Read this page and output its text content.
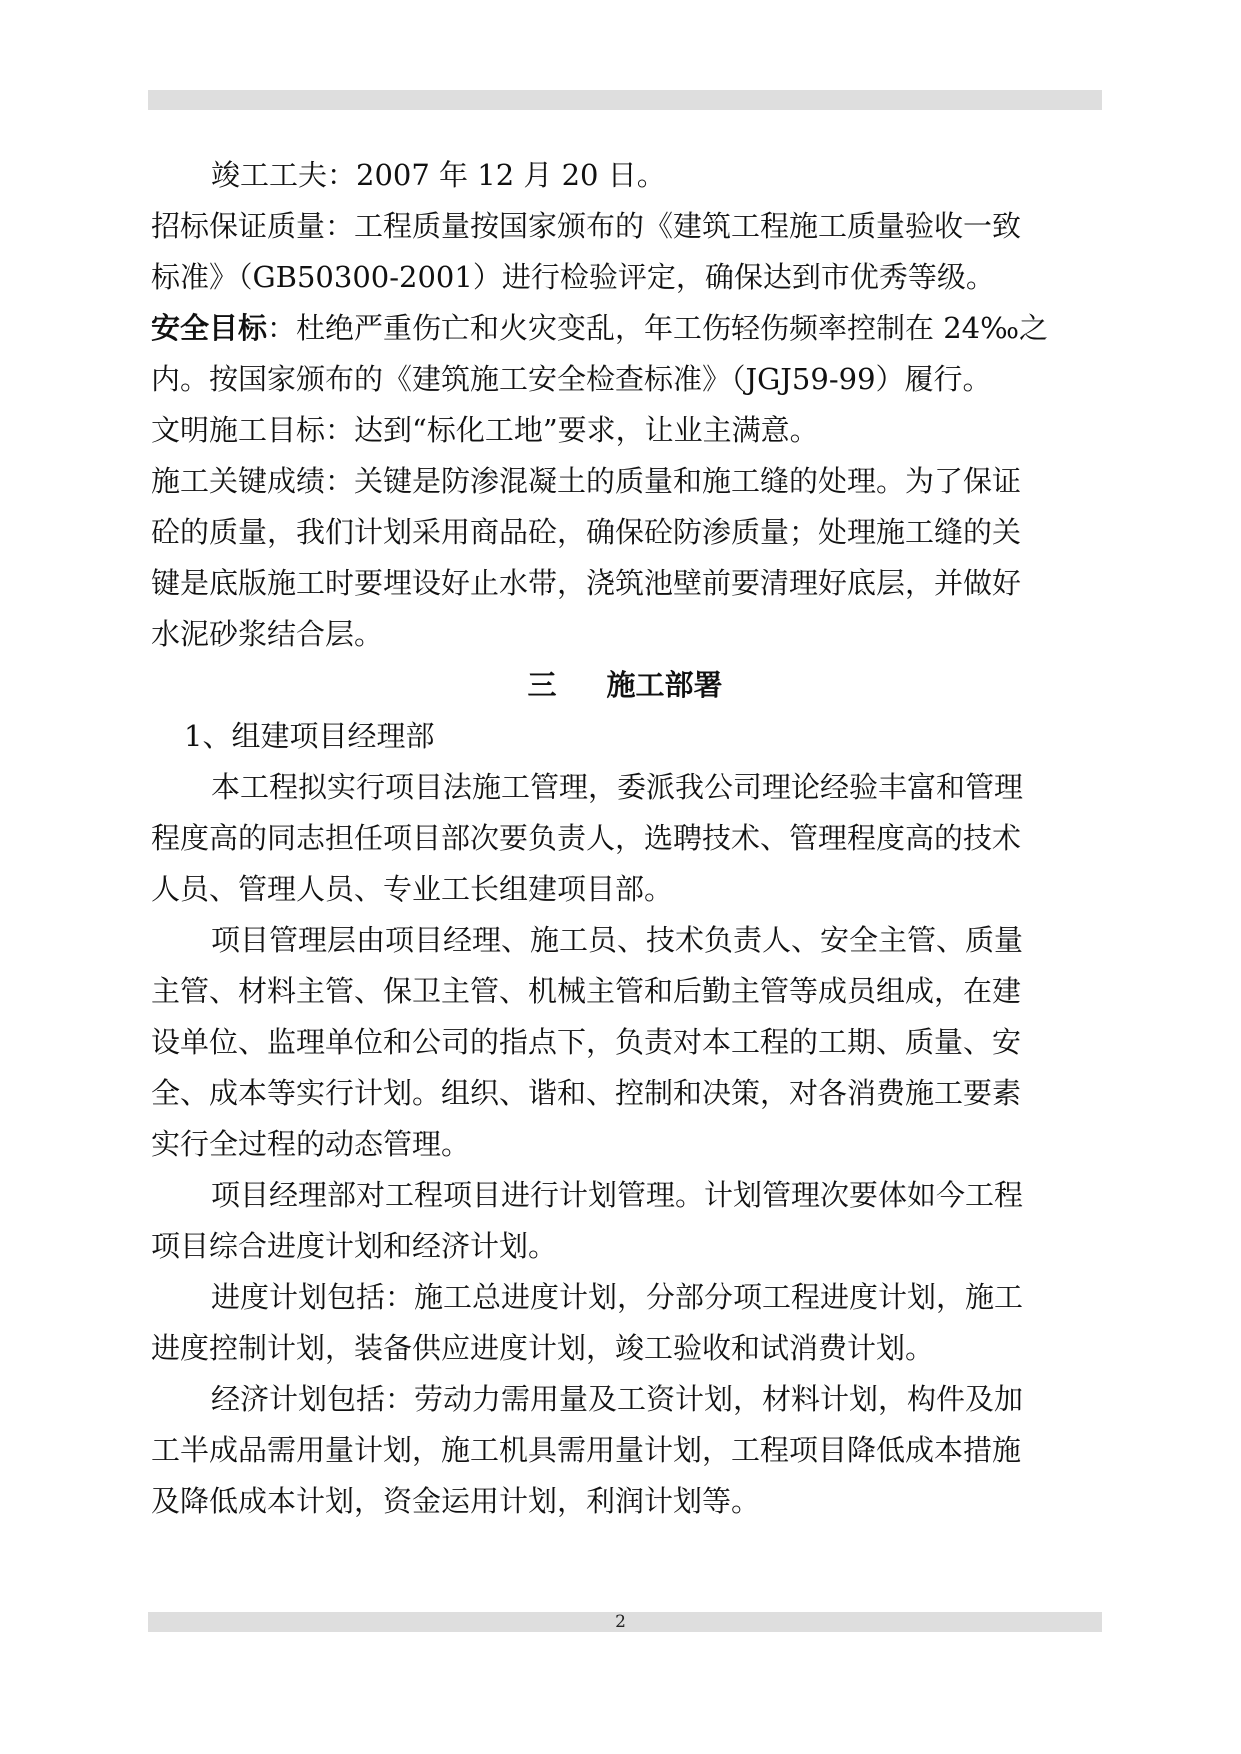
竣工工夫：2007 年 12 月 20 日。
招标保证质量：工程质量按国家颁布的《建筑工程施工质量验收一致
标准》（GB50300-2001）进行检验评定，确保达到市优秀等级。
安全目标：杜绝严重伤亡和火灾变乱，年工伤轻伤频率控制在 24‰之
内。按国家颁布的《建筑施工安全检查标准》（JGJ59-99）履行。
文明施工目标：达到“标化工地”要求，让业主满意。
施工关键成绩：关键是防渗混凝土的质量和施工缝的处理。为了保证
砼的质量，我们计划采用商品砼，确保砼防渗质量；处理施工缝的关
键是底版施工时要埋设好止水带，浇筑池壁前要清理好底层，并做好
水泥砂浆结合层。
三 施工部署
1、组建项目经理部
本工程拟实行项目法施工管理，委派我公司理论经验丰富和管理
程度高的同志担任项目部次要负责人，选聘技术、管理程度高的技术
人员、管理人员、专业工长组建项目部。
项目管理层由项目经理、施工员、技术负责人、安全主管、质量
主管、材料主管、保卫主管、机械主管和后勤主管等成员组成，在建
设单位、监理单位和公司的指点下，负责对本工程的工期、质量、安
全、成本等实行计划。组织、谐和、控制和决策，对各消费施工要素
实行全过程的动态管理。
项目经理部对工程项目进行计划管理。计划管理次要体如今工程
项目综合进度计划和经济计划。
进度计划包括：施工总进度计划，分部分项工程进度计划，施工
进度控制计划，装备供应进度计划，竣工验收和试消费计划。
经济计划包括：劳动力需用量及工资计划，材料计划，构件及加
工半成品需用量计划，施工机具需用量计划，工程项目降低成本措施
及降低成本计划，资金运用计划，利润计划等。
2
